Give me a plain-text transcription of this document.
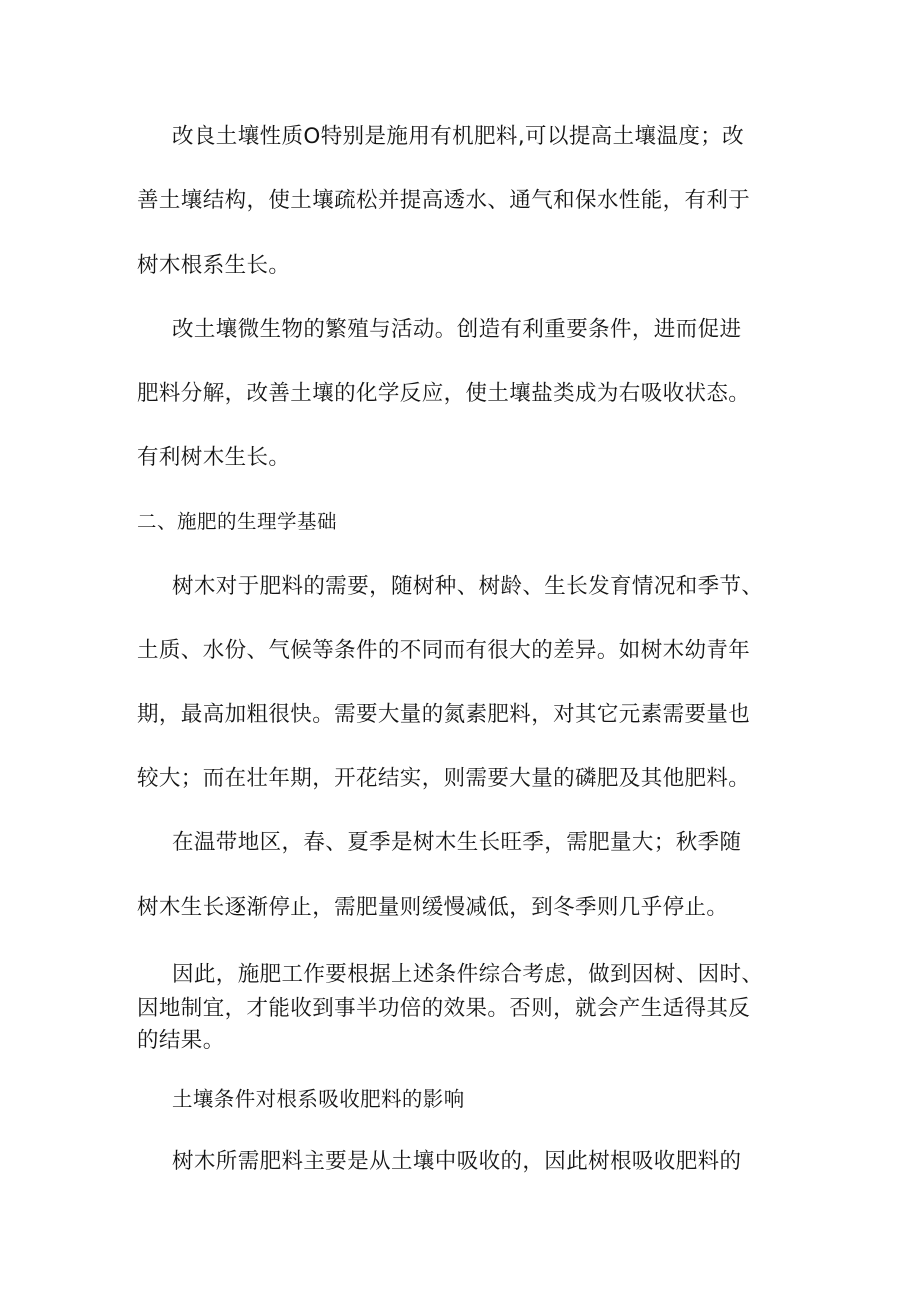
改良土壤性质O特别是施用有机肥料,可以提高土壤温度；改
善土壤结构，使土壤疏松并提高透水、通气和保水性能，有利于
树木根系生长。
改土壤微生物的繁殖与活动。创造有利重要条件，进而促进
肥料分解，改善土壤的化学反应，使土壤盐类成为右吸收状态。
有利树木生长。
二、施肥的生理学基础
树木对于肥料的需要，随树种、树龄、生长发育情况和季节、
土质、水份、气候等条件的不同而有很大的差异。如树木幼青年
期，最高加粗很快。需要大量的氮素肥料，对其它元素需要量也
较大；而在壮年期，开花结实，则需要大量的磷肥及其他肥料。
在温带地区，春、夏季是树木生长旺季，需肥量大；秋季随
树木生长逐渐停止，需肥量则缓慢减低，到冬季则几乎停止。
因此，施肥工作要根据上述条件综合考虑，做到因树、因时、
因地制宜，才能收到事半功倍的效果。否则，就会产生适得其反
的结果。
土壤条件对根系吸收肥料的影响
树木所需肥料主要是从土壤中吸收的，因此树根吸收肥料的
